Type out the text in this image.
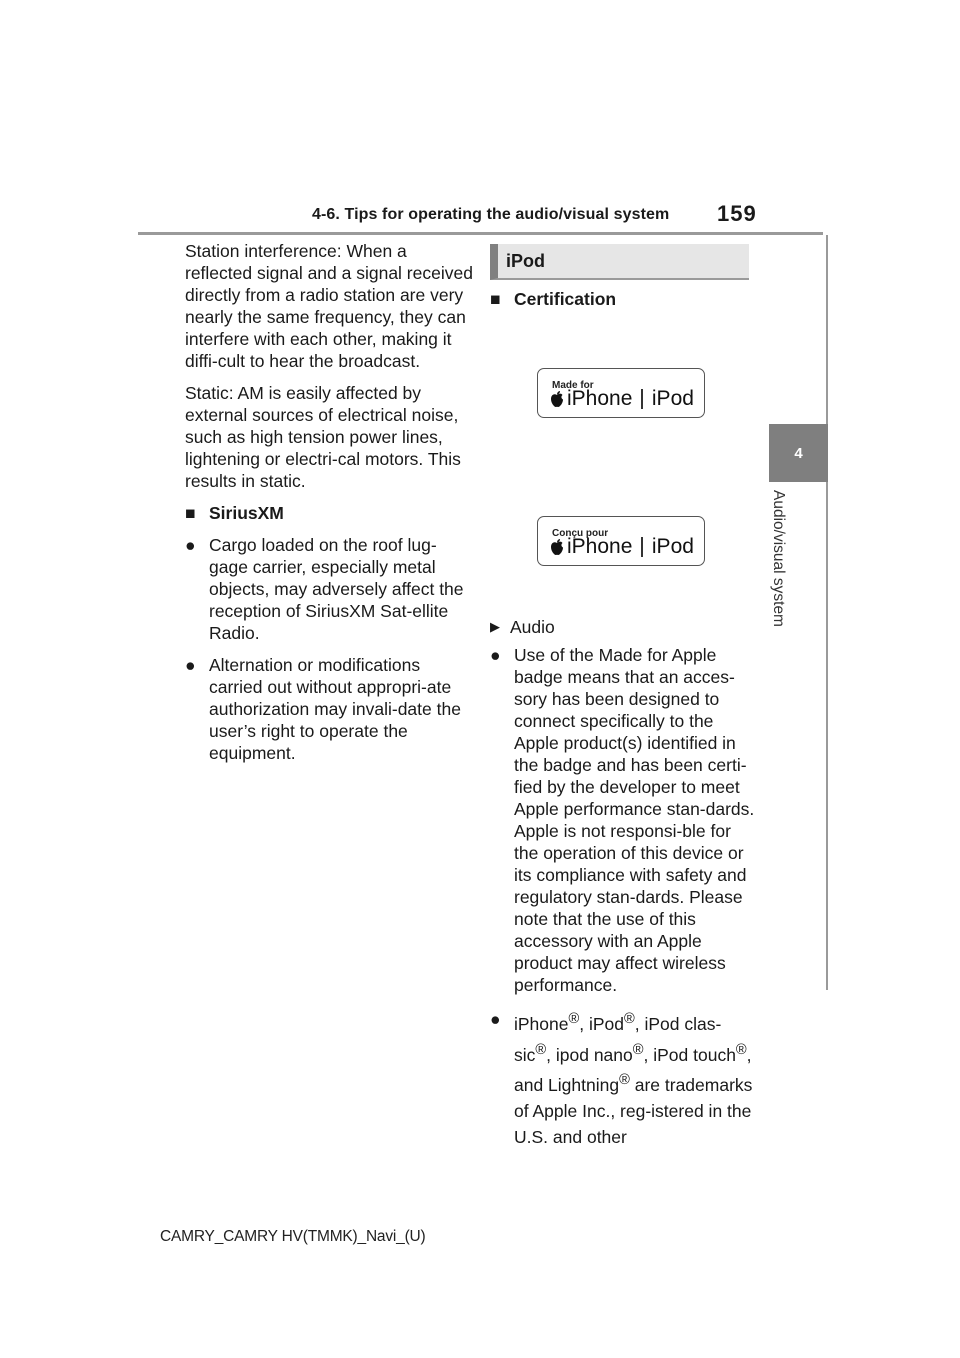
4-6. Tips for operating the audio/visual system 159
4
Audio/visual system

Station interference: When a reflected signal and a signal received directly from a radio station are very nearly the same frequency, they can interfere with each other, making it diffi-cult to hear the broadcast.

Static: AM is easily affected by external sources of electrical noise, such as high tension power lines, lightening or electri-cal motors. This results in static.

■ SiriusXM
● Cargo loaded on the roof lug-gage carrier, especially metal objects, may adversely affect the reception of SiriusXM Sat-ellite Radio.
● Alternation or modifications carried out without appropri-ate authorization may invali-date the user’s right to operate the equipment.
iPod
■ Certification
Made for
iPhone iPod
Conçu pour
iPhone iPod
▶ Audio
● Use of the Made for Apple badge means that an acces-sory has been designed to connect specifically to the Apple product(s) identified in the badge and has been certi-fied by the developer to meet Apple performance stan-dards. Apple is not responsi-ble for the operation of this device or its compliance with safety and regulatory stan-dards. Please note that the use of this accessory with an Apple product may affect wireless performance.
● iPhone®, iPod®, iPod clas-sic®, ipod nano®, iPod touch®, and Lightning® are trademarks of Apple Inc., reg-istered in the U.S. and other
CAMRY_CAMRY HV(TMMK)_Navi_(U)
